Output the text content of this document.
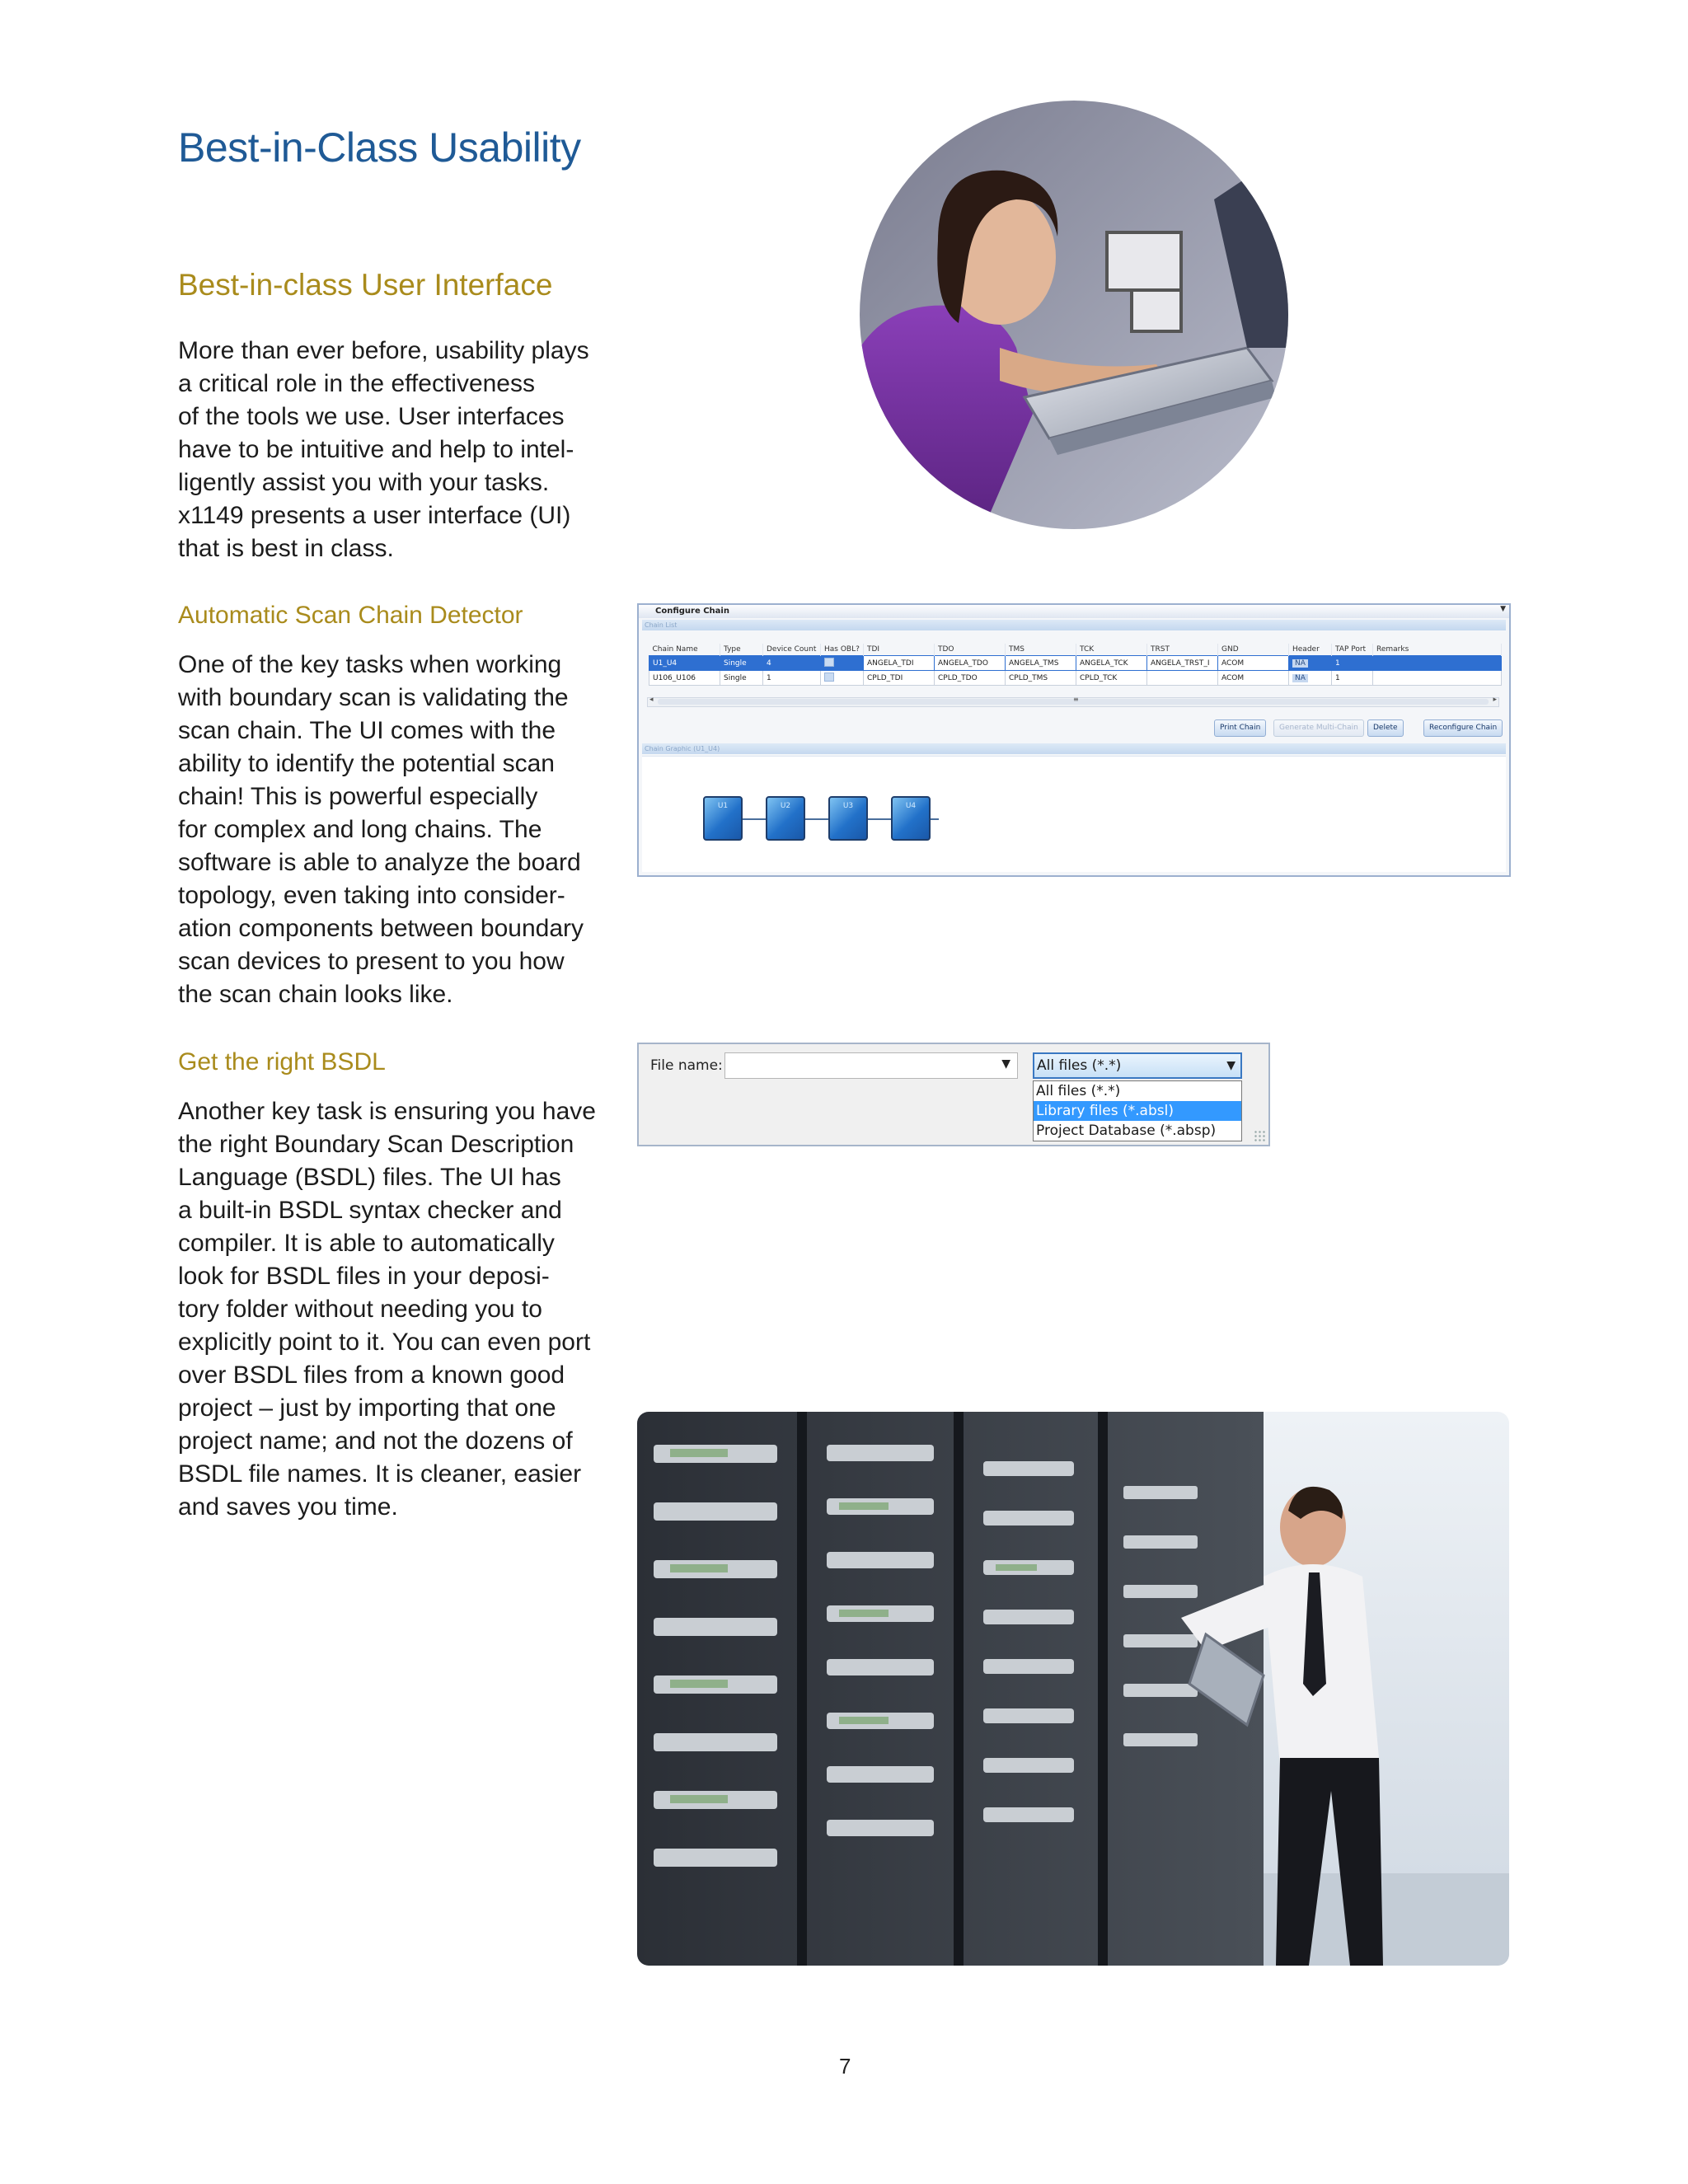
Best-in-Class Usability
Best-in-class User Interface
More than ever before, usability plays
a critical role in the effectiveness
of the tools we use. User interfaces
have to be intuitive and help to intel-
ligently assist you with your tasks.
x1149 presents a user interface (UI)
that is best in class.
Automatic Scan Chain Detector
One of the key tasks when working
with boundary scan is validating the
scan chain. The UI comes with the
ability to identify the potential scan
chain! This is powerful especially
for complex and long chains. The
software is able to analyze the board
topology, even taking into consider-
ation components between boundary
scan devices to present to you how
the scan chain looks like.
Get the right BSDL
Another key task is ensuring you have
the right Boundary Scan Description
Language (BSDL) files. The UI has
a built-in BSDL syntax checker and
compiler. It is able to automatically
look for BSDL files in your deposi-
tory folder without needing you to
explicitly point to it. You can even port
over BSDL files from a known good
project – just by importing that one
project name; and not the dozens of
BSDL file names. It is cleaner, easier
and saves you time.
Configure Chain	▼
Chain List
Chain Name	Type	Device Count	Has OBL?	TDI	TDO	TMS	TCK	TRST	GND	Header	TAP Port	Remarks
U1_U4	Single	4		ANGELA_TDI	ANGELA_TDO	ANGELA_TMS	ANGELA_TCK	ANGELA_TRST_I	ACOM	NA	1	
U106_U106	Single	1		CPLD_TDI	CPLD_TDO	CPLD_TMS	CPLD_TCK		ACOM	NA	1	
◂	≡	▸
Print Chain	Generate Multi-Chain	Delete	Reconfigure Chain
Chain Graphic (U1_U4)
U1	U2	U3	U4
File name:	▼ All files (*.*)	▼
All files (*.*)
Library files (*.absl)
Project Database (*.absp)
7
